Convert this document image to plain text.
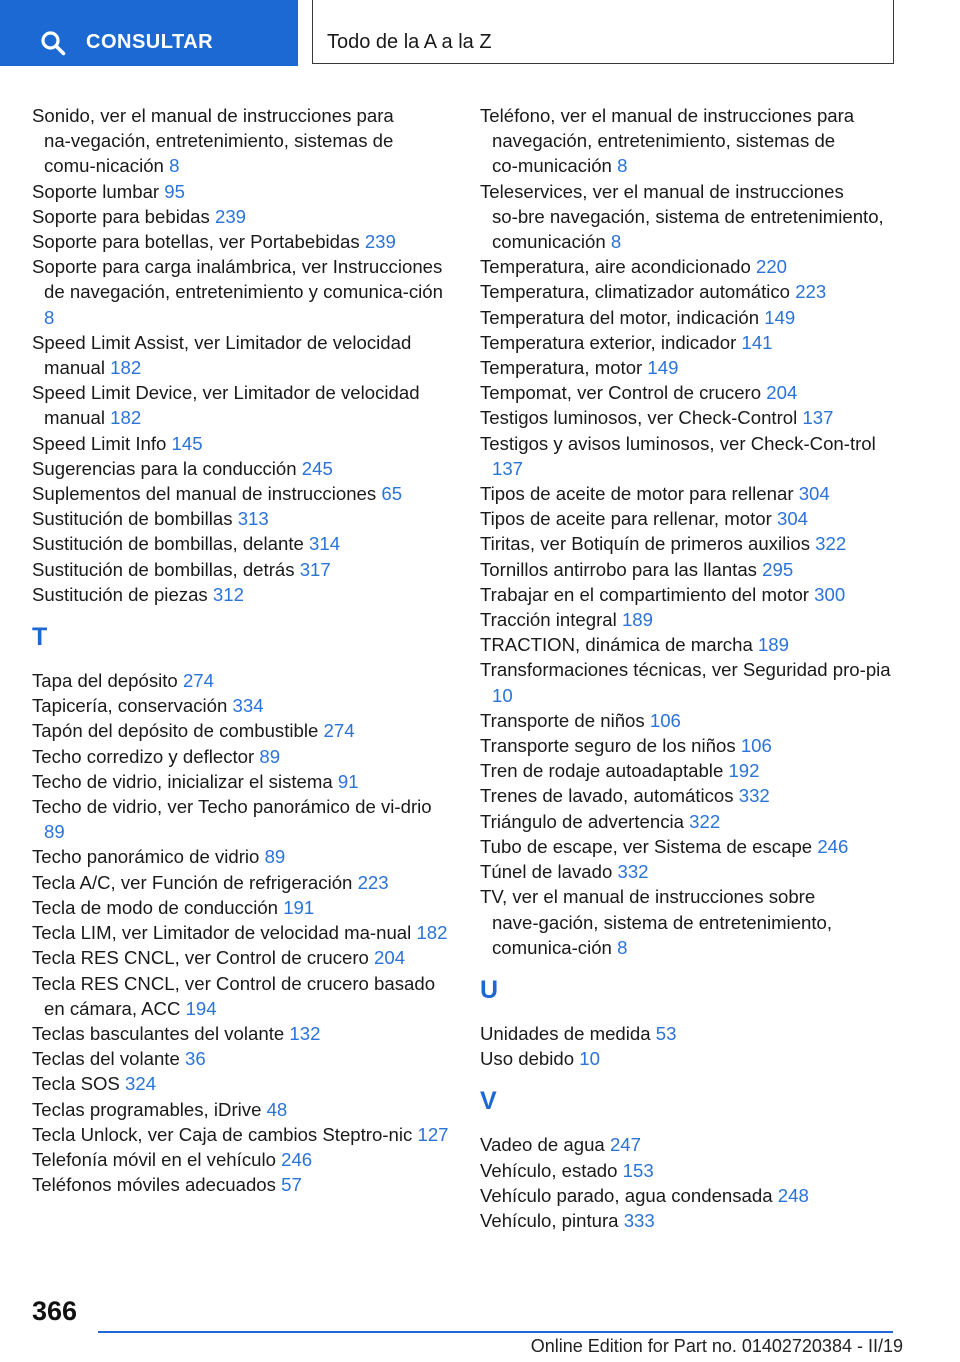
CONSULTAR	Todo de la A a la Z
Sonido, ver el manual de instrucciones para na‑vegación, entretenimiento, sistemas de comu‑nicación 8
Soporte lumbar 95
Soporte para bebidas 239
Soporte para botellas, ver Portabebidas 239
Soporte para carga inalámbrica, ver Instrucciones de navegación, entretenimiento y comunica‑ción 8
Speed Limit Assist, ver Limitador de velocidad manual 182
Speed Limit Device, ver Limitador de velocidad manual 182
Speed Limit Info 145
Sugerencias para la conducción 245
Suplementos del manual de instrucciones 65
Sustitución de bombillas 313
Sustitución de bombillas, delante 314
Sustitución de bombillas, detrás 317
Sustitución de piezas 312
T
Tapa del depósito 274
Tapicería, conservación 334
Tapón del depósito de combustible 274
Techo corredizo y deflector 89
Techo de vidrio, inicializar el sistema 91
Techo de vidrio, ver Techo panorámico de vi‑drio 89
Techo panorámico de vidrio 89
Tecla A/C, ver Función de refrigeración 223
Tecla de modo de conducción 191
Tecla LIM, ver Limitador de velocidad ma‑nual 182
Tecla RES CNCL, ver Control de crucero 204
Tecla RES CNCL, ver Control de crucero basado en cámara, ACC 194
Teclas basculantes del volante 132
Teclas del volante 36
Tecla SOS 324
Teclas programables, iDrive 48
Tecla Unlock, ver Caja de cambios Steptro‑nic 127
Telefonía móvil en el vehículo 246
Teléfonos móviles adecuados 57
Teléfono, ver el manual de instrucciones para navegación, entretenimiento, sistemas de co‑municación 8
Teleservices, ver el manual de instrucciones so‑bre navegación, sistema de entretenimiento, comunicación 8
Temperatura, aire acondicionado 220
Temperatura, climatizador automático 223
Temperatura del motor, indicación 149
Temperatura exterior, indicador 141
Temperatura, motor 149
Tempomat, ver Control de crucero 204
Testigos luminosos, ver Check-Control 137
Testigos y avisos luminosos, ver Check-Con‑trol 137
Tipos de aceite de motor para rellenar 304
Tipos de aceite para rellenar, motor 304
Tiritas, ver Botiquín de primeros auxilios 322
Tornillos antirrobo para las llantas 295
Trabajar en el compartimiento del motor 300
Tracción integral 189
TRACTION, dinámica de marcha 189
Transformaciones técnicas, ver Seguridad pro‑pia 10
Transporte de niños 106
Transporte seguro de los niños 106
Tren de rodaje autoadaptable 192
Trenes de lavado, automáticos 332
Triángulo de advertencia 322
Tubo de escape, ver Sistema de escape 246
Túnel de lavado 332
TV, ver el manual de instrucciones sobre nave‑gación, sistema de entretenimiento, comunica‑ción 8
U
Unidades de medida 53
Uso debido 10
V
Vadeo de agua 247
Vehículo, estado 153
Vehículo parado, agua condensada 248
Vehículo, pintura 333
366
Online Edition for Part no. 01402720384 - II/19
